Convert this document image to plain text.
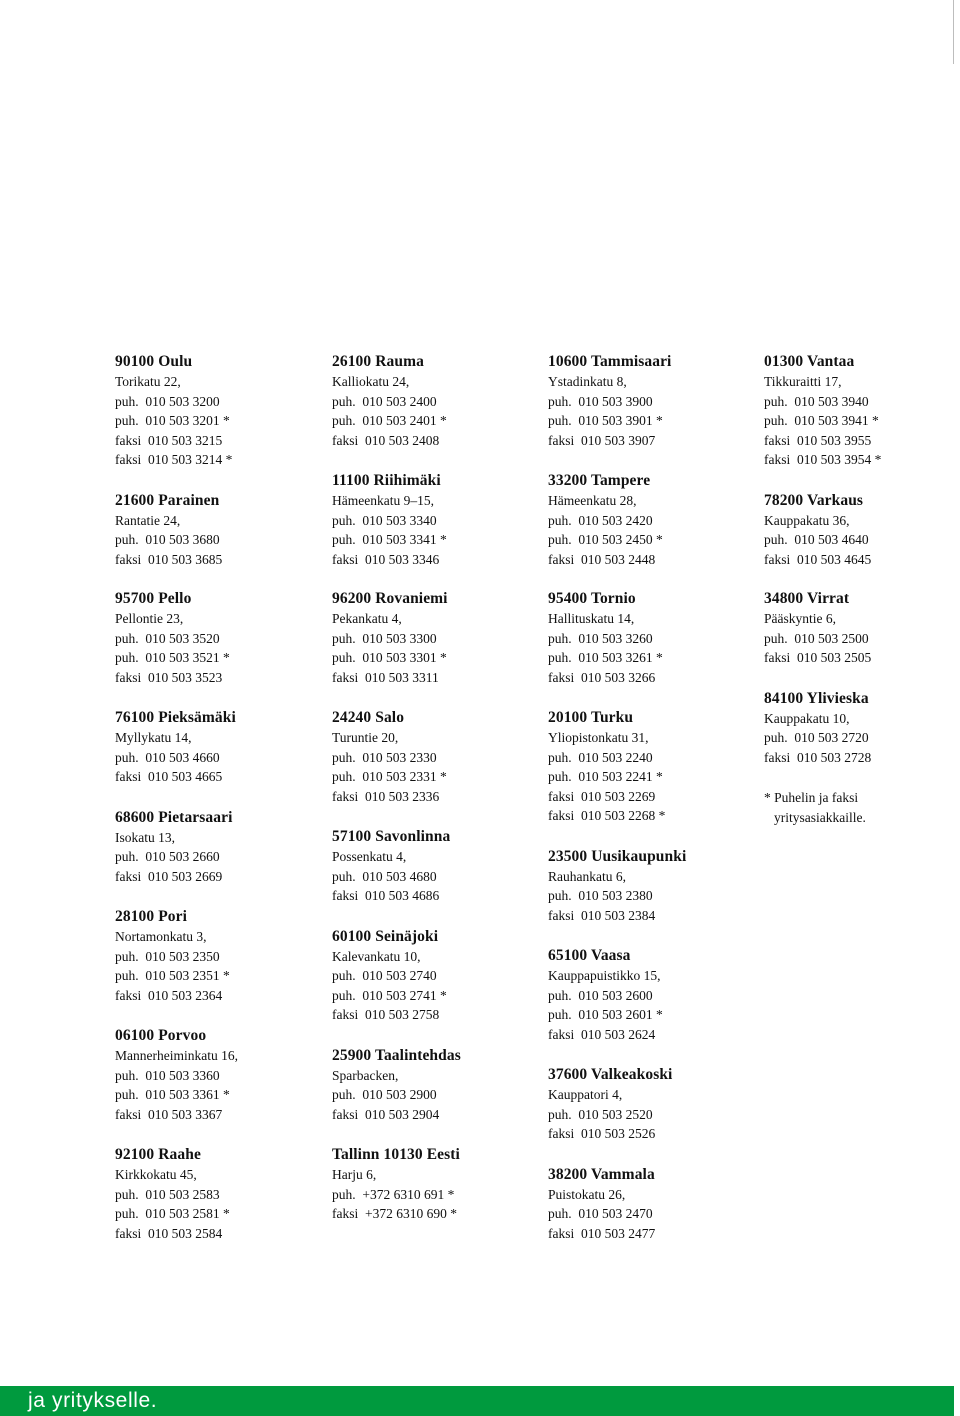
90100 Oulu
Torikatu 22,
puh.  010 503 3200
puh.  010 503 3201 *
faksi  010 503 3215
faksi  010 503 3214 *
21600 Parainen
Rantatie 24,
puh.  010 503 3680
faksi  010 503 3685
26100 Rauma
Kalliokatu 24,
puh.  010 503 2400
puh.  010 503 2401 *
faksi  010 503 2408
11100 Riihimäki
Hämeenkatu 9–15,
puh.  010 503 3340
puh.  010 503 3341 *
faksi  010 503 3346
10600 Tammisaari
Ystadinkatu 8,
puh.  010 503 3900
puh.  010 503 3901 *
faksi  010 503 3907
33200 Tampere
Hämeenkatu 28,
puh.  010 503 2420
puh.  010 503 2450 *
faksi  010 503 2448
01300 Vantaa
Tikkuraitti 17,
puh.  010 503 3940
puh.  010 503 3941 *
faksi  010 503 3955
faksi  010 503 3954 *
78200 Varkaus
Kauppakatu 36,
puh.  010 503 4640
faksi  010 503 4645
95700 Pello
Pellontie 23,
puh.  010 503 3520
puh.  010 503 3521 *
faksi  010 503 3523
76100 Pieksämäki
Myllykatu 14,
puh.  010 503 4660
faksi  010 503 4665
68600 Pietarsaari
Isokatu 13,
puh.  010 503 2660
faksi  010 503 2669
28100 Pori
Nortamonkatu 3,
puh.  010 503 2350
puh.  010 503 2351 *
faksi  010 503 2364
06100 Porvoo
Mannerheiminkatu 16,
puh.  010 503 3360
puh.  010 503 3361 *
faksi  010 503 3367
92100 Raahe
Kirkkokatu 45,
puh.  010 503 2583
puh.  010 503 2581 *
faksi  010 503 2584
96200 Rovaniemi
Pekankatu 4,
puh.  010 503 3300
puh.  010 503 3301 *
faksi  010 503 3311
24240 Salo
Turuntie 20,
puh.  010 503 2330
puh.  010 503 2331 *
faksi  010 503 2336
57100 Savonlinna
Possenkatu 4,
puh.  010 503 4680
faksi  010 503 4686
60100 Seinäjoki
Kalevankatu 10,
puh.  010 503 2740
puh.  010 503 2741 *
faksi  010 503 2758
25900 Taalintehdas
Sparbacken,
puh.  010 503 2900
faksi  010 503 2904
Tallinn 10130 Eesti
Harju 6,
puh.  +372 6310 691 *
faksi  +372 6310 690 *
95400 Tornio
Hallituskatu 14,
puh.  010 503 3260
puh.  010 503 3261 *
faksi  010 503 3266
20100 Turku
Yliopistonkatu 31,
puh.  010 503 2240
puh.  010 503 2241 *
faksi  010 503 2269
faksi  010 503 2268 *
23500 Uusikaupunki
Rauhankatu 6,
puh.  010 503 2380
faksi  010 503 2384
65100 Vaasa
Kauppapuistikko 15,
puh.  010 503 2600
puh.  010 503 2601 *
faksi  010 503 2624
37600 Valkeakoski
Kauppatori 4,
puh.  010 503 2520
faksi  010 503 2526
38200 Vammala
Puistokatu 26,
puh.  010 503 2470
faksi  010 503 2477
34800 Virrat
Pääskyntie 6,
puh.  010 503 2500
faksi  010 503 2505
84100 Ylivieska
Kauppakatu 10,
puh.  010 503 2720
faksi  010 503 2728
* Puhelin ja faksi
yritysasiakkaille.
ja yritykselle.
